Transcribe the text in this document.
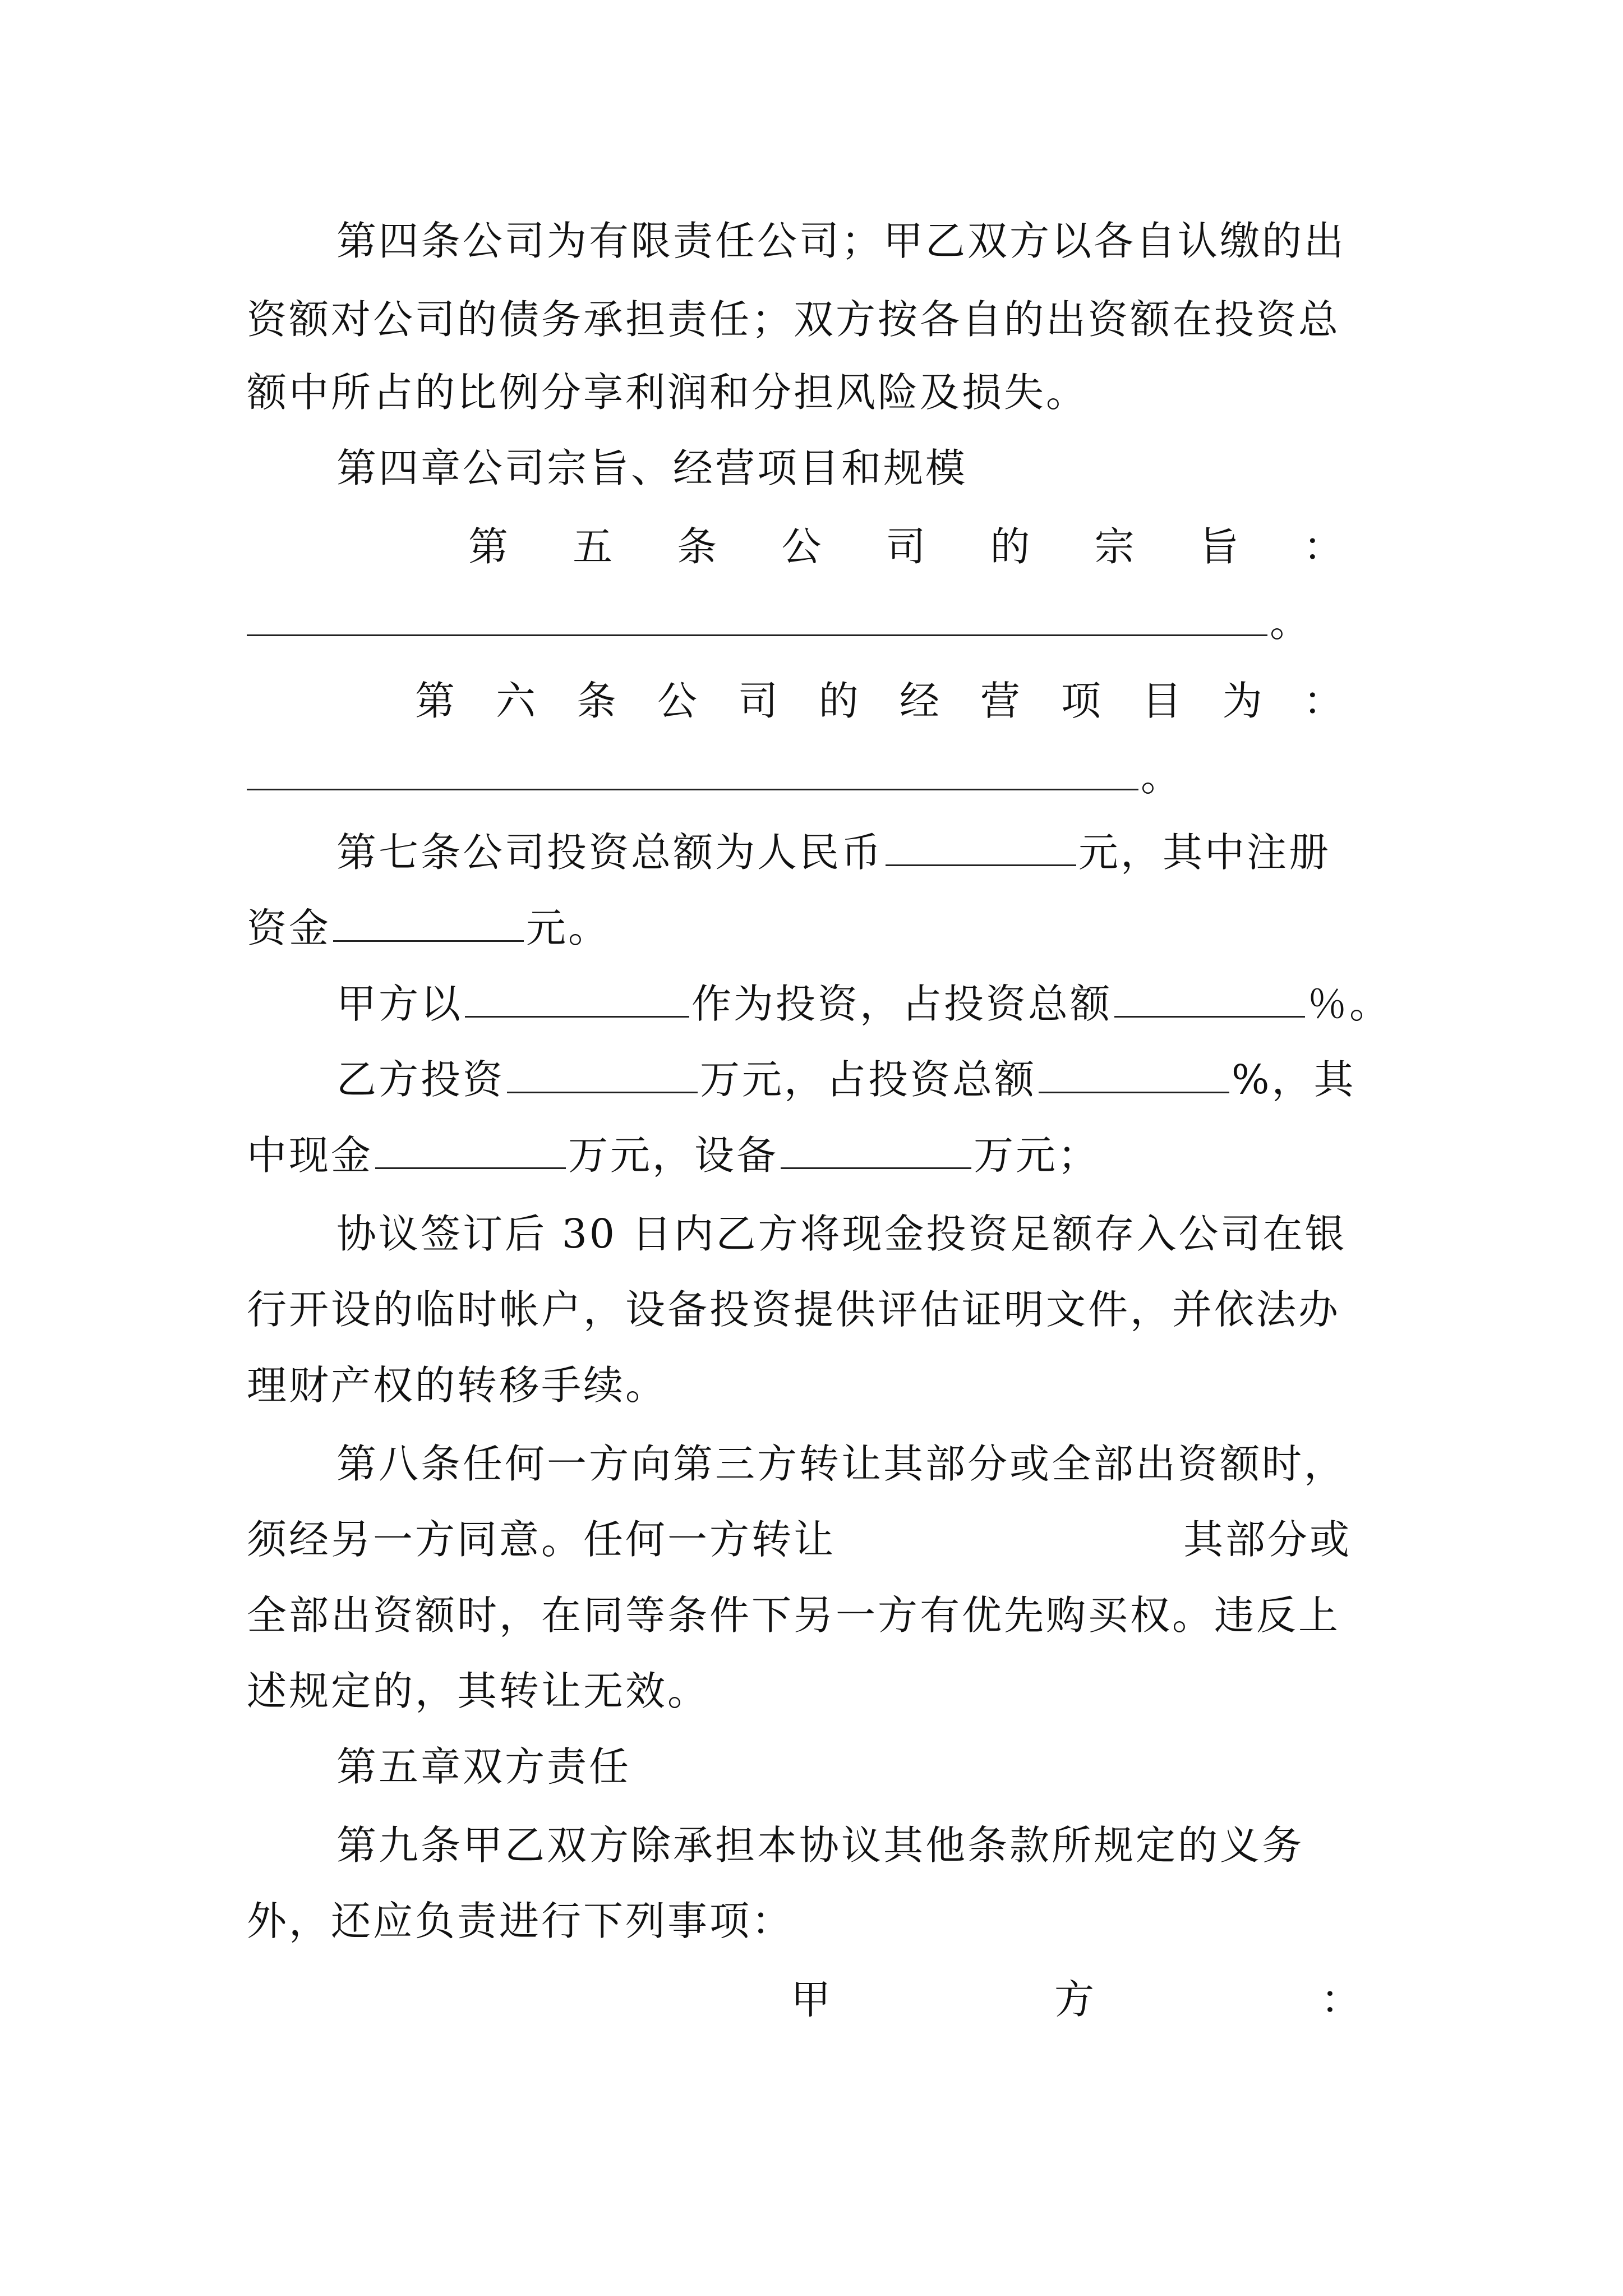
第四条公司为有限责任公司；甲乙双方以各自认缴的出
资额对公司的债务承担责任；双方按各自的出资额在投资总
额中所占的比例分享利润和分担风险及损失。
第四章公司宗旨、经营项目和规模
第 五 条 公 司 的 宗 旨 ：
。
第 六 条 公 司 的 经 营 项 目 为 ：
。
第七条公司投资总额为人民币	元，其中注册
资金	元。
甲方以	作为投资，占投资总额	％。
乙方投资	万元，占投资总额	%，其
中现金	万元，设备	万元；
协议签订后 30 日内乙方将现金投资足额存入公司在银
行开设的临时帐户，设备投资提供评估证明文件，并依法办
理财产权的转移手续。
第八条任何一方向第三方转让其部分或全部出资额时，
须经另一方同意。任何一方转让	其部分或
全部出资额时，在同等条件下另一方有优先购买权。违反上
述规定的，其转让无效。
第五章双方责任
第九条甲乙双方除承担本协议其他条款所规定的义务
外，还应负责进行下列事项：
甲	方	：
